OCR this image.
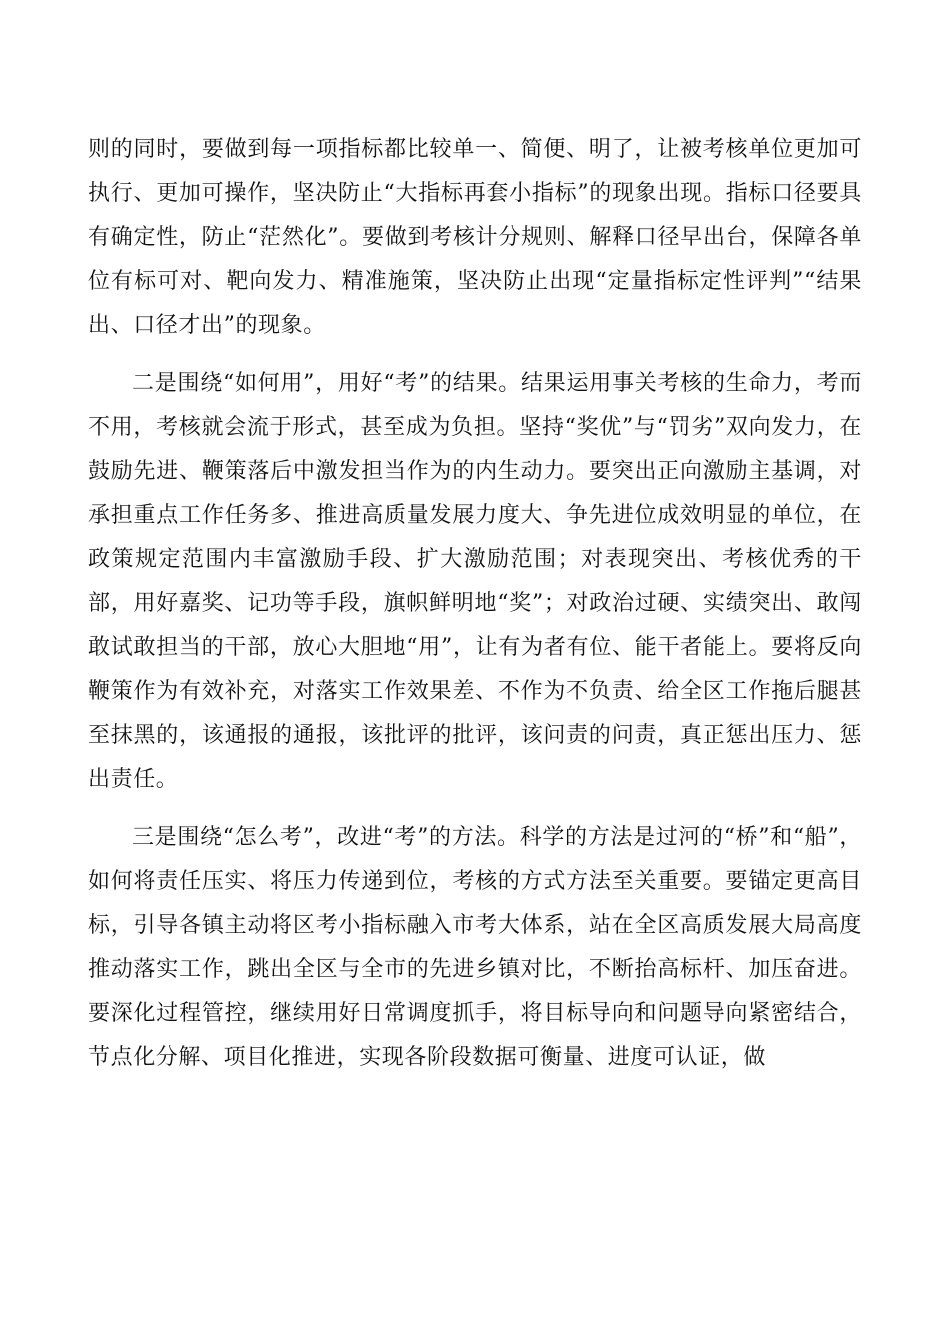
则的同时，要做到每一项指标都比较单一、简便、明了，让被考核单位更加可执行、更加可操作，坚决防止“大指标再套小指标”的现象出现。指标口径要具有确定性，防止“茫然化”。要做到考核计分规则、解释口径早出台，保障各单位有标可对、靶向发力、精准施策，坚决防止出现“定量指标定性评判”“结果出、口径才出”的现象。

二是围绕“如何用”，用好“考”的结果。结果运用事关考核的生命力，考而不用，考核就会流于形式，甚至成为负担。坚持“奖优”与“罚劣”双向发力，在鼓励先进、鞭策落后中激发担当作为的内生动力。要突出正向激励主基调，对承担重点工作任务多、推进高质量发展力度大、争先进位成效明显的单位，在政策规定范围内丰富激励手段、扩大激励范围；对表现突出、考核优秀的干部，用好嘉奖、记功等手段，旗帜鲜明地“奖”；对政治过硬、实绩突出、敢闯敢试敢担当的干部，放心大胆地“用”，让有为者有位、能干者能上。要将反向鞭策作为有效补充，对落实工作效果差、不作为不负责、给全区工作拖后腿甚至抹黑的，该通报的通报，该批评的批评，该问责的问责，真正惩出压力、惩出责任。

三是围绕“怎么考”，改进“考”的方法。科学的方法是过河的“桥”和“船”，如何将责任压实、将压力传递到位，考核的方式方法至关重要。要锚定更高目标，引导各镇主动将区考小指标融入市考大体系，站在全区高质发展大局高度推动落实工作，跳出全区与全市的先进乡镇对比，不断抬高标杆、加压奋进。要深化过程管控，继续用好日常调度抓手，将目标导向和问题导向紧密结合，节点化分解、项目化推进，实现各阶段数据可衡量、进度可认证，做
